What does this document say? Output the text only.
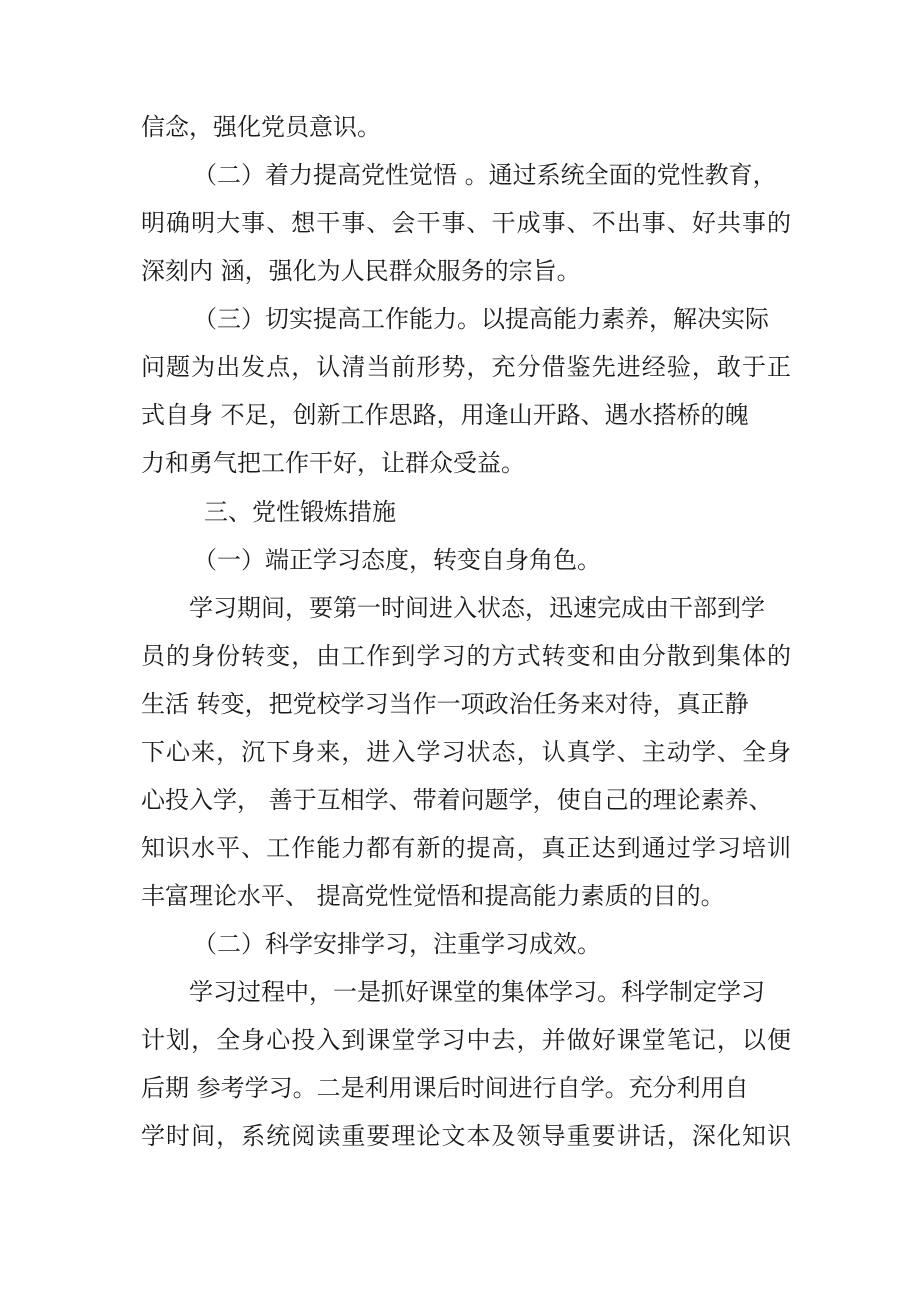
信念，强化党员意识。
（二）着力提高党性觉悟 。通过系统全面的党性教育，
明确明大事、想干事、会干事、干成事、不出事、好共事的
深刻内 涵，强化为人民群众服务的宗旨。
（三）切实提高工作能力。以提高能力素养，解决实际
问题为出发点，认清当前形势，充分借鉴先进经验，敢于正
式自身 不足，创新工作思路，用逢山开路、遇水搭桥的魄
力和勇气把工作干好，让群众受益。
三、党性锻炼措施
（一）端正学习态度，转变自身角色。
学习期间，要第一时间进入状态，迅速完成由干部到学
员的身份转变，由工作到学习的方式转变和由分散到集体的
生活 转变，把党校学习当作一项政治任务来对待，真正静
下心来，沉下身来，进入学习状态，认真学、主动学、全身
心投入学， 善于互相学、带着问题学，使自己的理论素养、
知识水平、工作能力都有新的提高，真正达到通过学习培训
丰富理论水平、 提高党性觉悟和提高能力素质的目的。
（二）科学安排学习，注重学习成效。
学习过程中，一是抓好课堂的集体学习。科学制定学习
计划，全身心投入到课堂学习中去，并做好课堂笔记，以便
后期 参考学习。二是利用课后时间进行自学。充分利用自
学时间，系统阅读重要理论文本及领导重要讲话，深化知识
